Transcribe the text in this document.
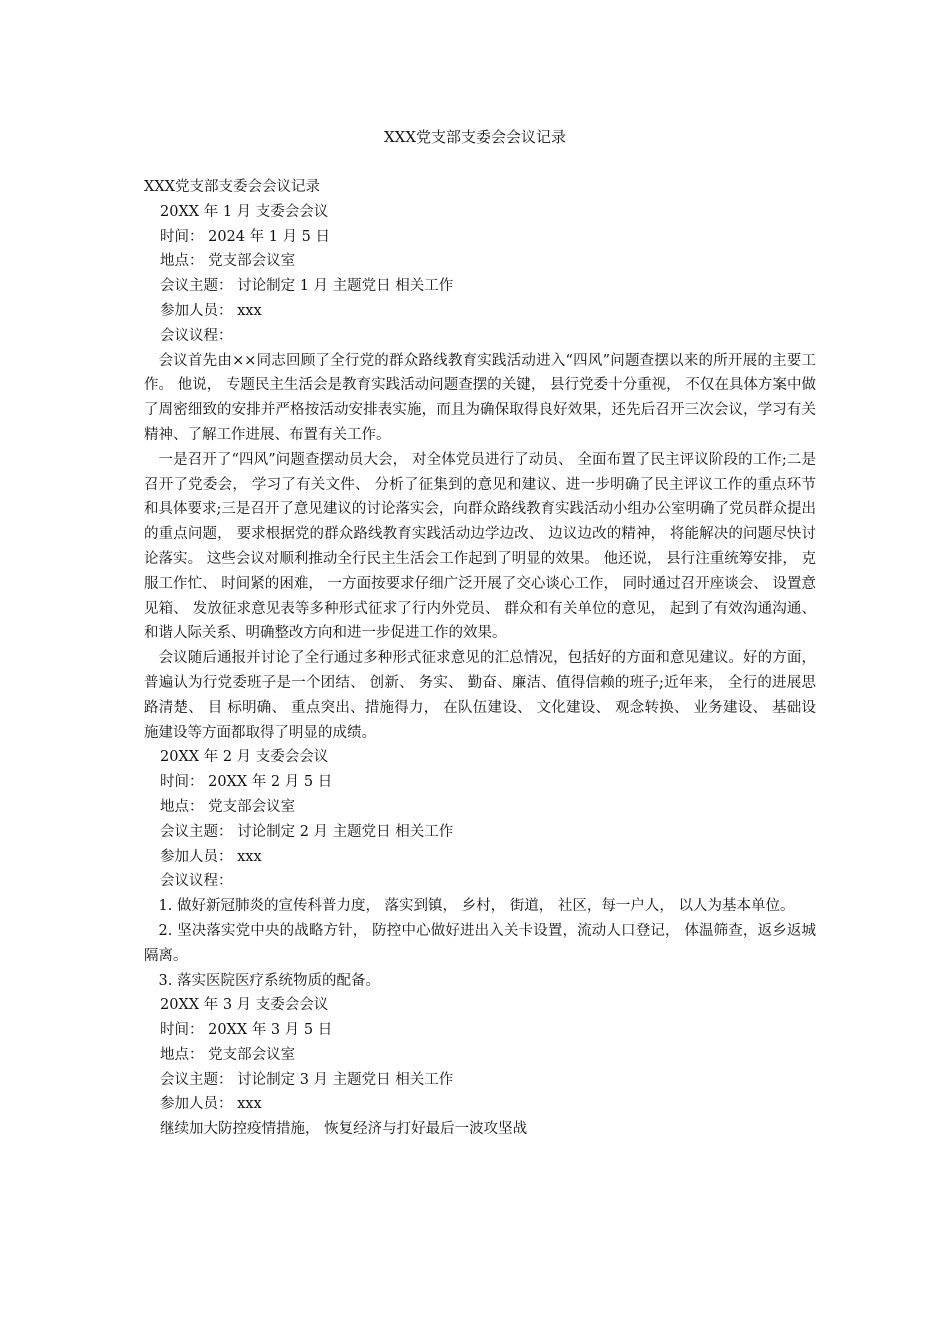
XXX党支部支委会会议记录
XXX党支部支委会会议记录
20XX 年 1 月 支委会会议
时间： 2024 年 1 月 5 日
地点： 党支部会议室
会议主题： 讨论制定 1 月 主题党日 相关工作
参加人员： xxx
会议议程：

会议首先由××同志回顾了全行党的群众路线教育实践活动进入“四风”问题查摆以来的所开展的主要工作。 他说， 专题民主生活会是教育实践活动问题查摆的关键， 县行党委十分重视， 不仅在具体方案中做了周密细致的安排并严格按活动安排表实施，而且为确保取得良好效果，还先后召开三次会议，学习有关精神、了解工作进展、布置有关工作。

一是召开了“四风”问题查摆动员大会， 对全体党员进行了动员、 全面布置了民主评议阶段的工作;二是召开了党委会， 学习了有关文件、 分析了征集到的意见和建议、进一步明确了民主评议工作的重点环节和具体要求;三是召开了意见建议的讨论落实会，向群众路线教育实践活动小组办公室明确了党员群众提出的重点问题， 要求根据党的群众路线教育实践活动边学边改、 边议边改的精神， 将能解决的问题尽快讨论落实。 这些会议对顺利推动全行民主生活会工作起到了明显的效果。 他还说， 县行注重统筹安排， 克服工作忙、 时间紧的困难， 一方面按要求仔细广泛开展了交心谈心工作， 同时通过召开座谈会、 设置意见箱、 发放征求意见表等多种形式征求了行内外党员、 群众和有关单位的意见， 起到了有效沟通沟通、和谐人际关系、明确整改方向和进一步促进工作的效果。

会议随后通报并讨论了全行通过多种形式征求意见的汇总情况，包括好的方面和意见建议。好的方面， 普遍认为行党委班子是一个团结、 创新、 务实、 勤奋、廉洁、值得信赖的班子;近年来， 全行的进展思路清楚、 目 标明确、 重点突出、措施得力， 在队伍建设、 文化建设、 观念转换、 业务建设、 基础设施建设等方面都取得了明显的成绩。

20XX 年 2 月 支委会会议
时间： 20XX 年 2 月 5 日
地点： 党支部会议室
会议主题： 讨论制定 2 月 主题党日 相关工作
参加人员： xxx
会议议程：

1. 做好新冠肺炎的宣传科普力度， 落实到镇， 乡村， 街道， 社区，每一户人， 以人为基本单位。

2. 坚决落实党中央的战略方针， 防控中心做好进出入关卡设置，流动人口登记， 体温筛查，返乡返城隔离。

3. 落实医院医疗系统物质的配备。

20XX 年 3 月 支委会会议
时间： 20XX 年 3 月 5 日
地点： 党支部会议室
会议主题： 讨论制定 3 月 主题党日 相关工作
参加人员： xxx
继续加大防控疫情措施， 恢复经济与打好最后一波攻坚战
